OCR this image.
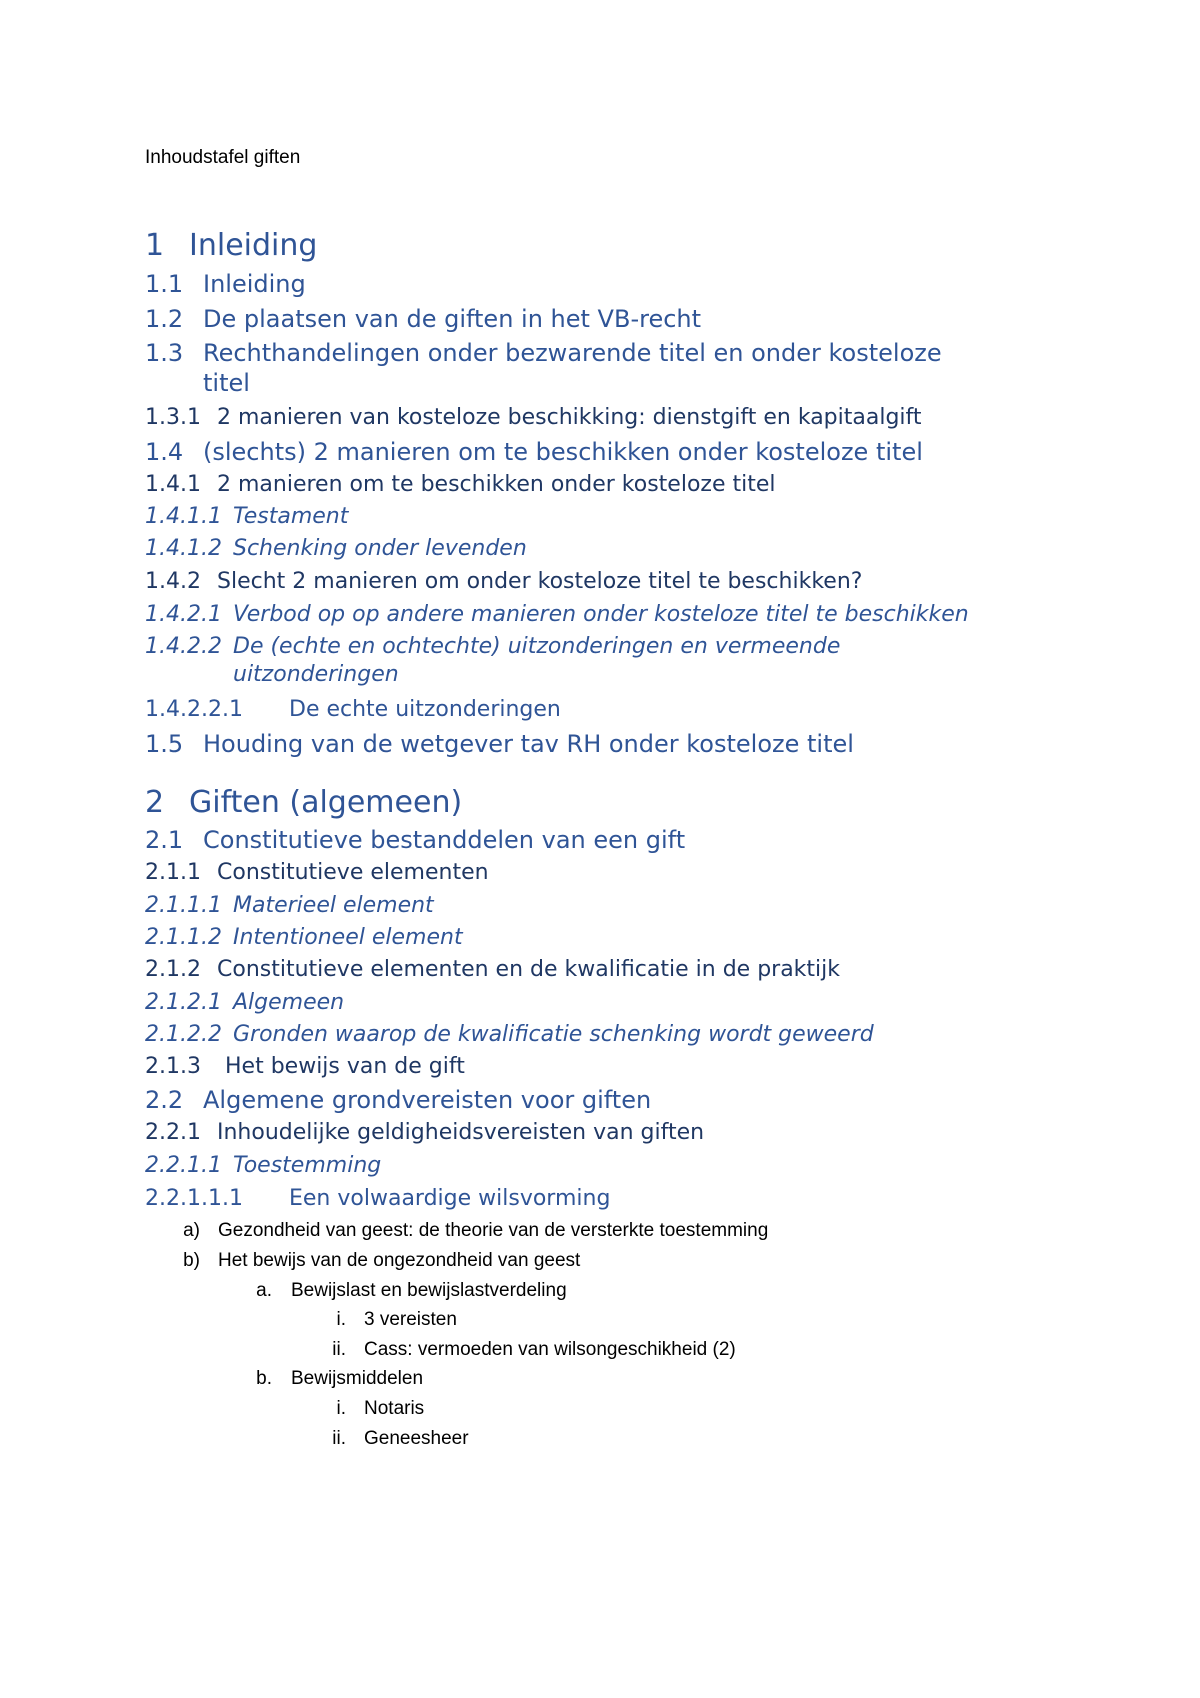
Inhoudstafel giften
1 Inleiding
1.1 Inleiding
1.2 De plaatsen van de giften in het VB-recht
1.3 Rechthandelingen onder bezwarende titel en onder kosteloze
titel
1.3.1 2 manieren van kosteloze beschikking: dienstgift en kapitaalgift
1.4 (slechts) 2 manieren om te beschikken onder kosteloze titel
1.4.1 2 manieren om te beschikken onder kosteloze titel
1.4.1.1 Testament
1.4.1.2 Schenking onder levenden
1.4.2 Slecht 2 manieren om onder kosteloze titel te beschikken?
1.4.2.1 Verbod op op andere manieren onder kosteloze titel te beschikken
1.4.2.2 De (echte en ochtechte) uitzonderingen en vermeende
uitzonderingen
1.4.2.2.1 De echte uitzonderingen
1.5 Houding van de wetgever tav RH onder kosteloze titel
2 Giften (algemeen)
2.1 Constitutieve bestanddelen van een gift
2.1.1 Constitutieve elementen
2.1.1.1 Materieel element
2.1.1.2 Intentioneel element
2.1.2 Constitutieve elementen en de kwalificatie in de praktijk
2.1.2.1 Algemeen
2.1.2.2 Gronden waarop de kwalificatie schenking wordt geweerd
2.1.3 Het bewijs van de gift
2.2 Algemene grondvereisten voor giften
2.2.1 Inhoudelijke geldigheidsvereisten van giften
2.2.1.1 Toestemming
2.2.1.1.1 Een volwaardige wilsvorming
a) Gezondheid van geest: de theorie van de versterkte toestemming
b) Het bewijs van de ongezondheid van geest
a. Bewijslast en bewijslastverdeling
i. 3 vereisten
ii. Cass: vermoeden van wilsongeschikheid (2)
b. Bewijsmiddelen
i. Notaris
ii. Geneesheer
